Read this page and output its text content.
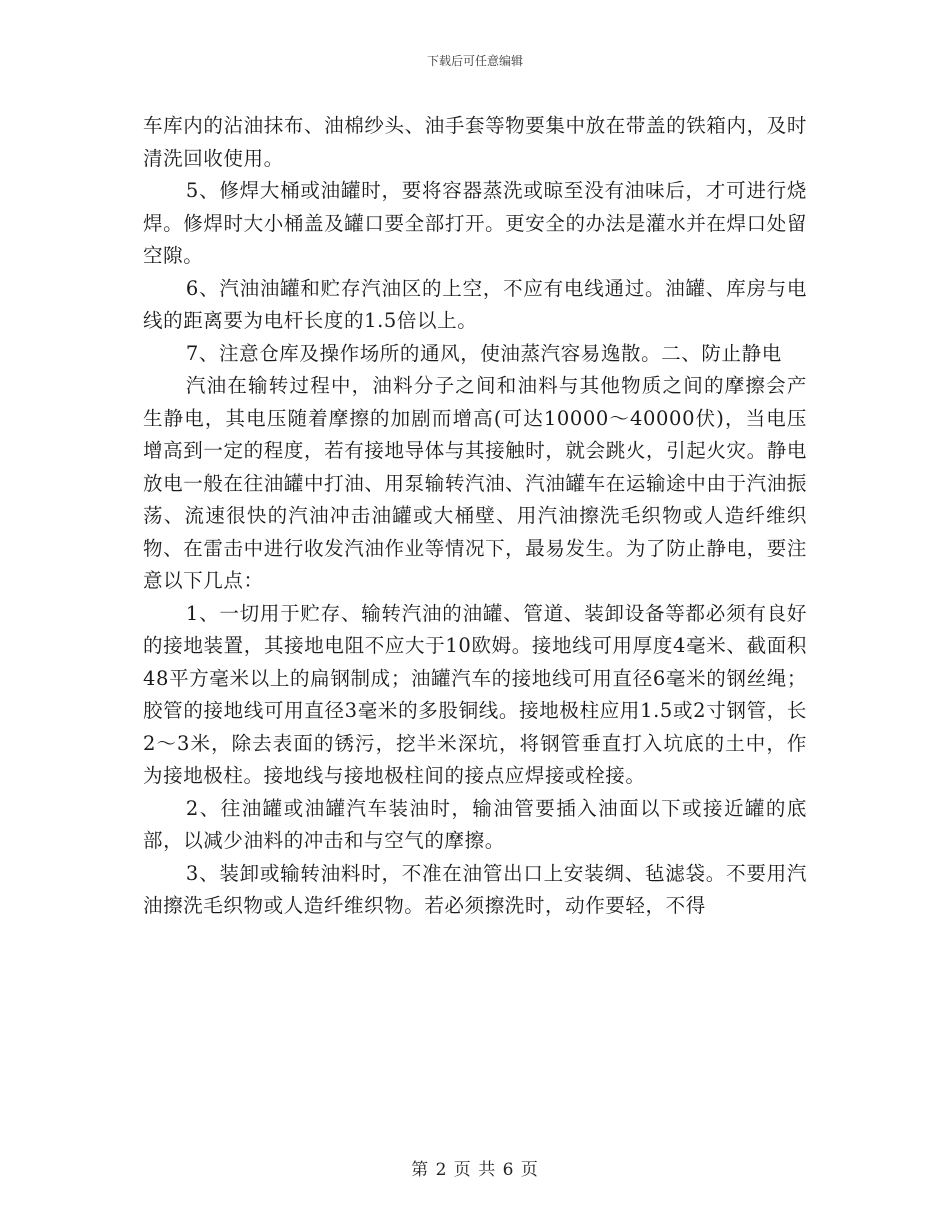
下载后可任意编辑

车库内的沾油抹布、油棉纱头、油手套等物要集中放在带盖的铁箱内，及时清洗回收使用。

5、修焊大桶或油罐时，要将容器蒸洗或晾至没有油味后，才可进行烧焊。修焊时大小桶盖及罐口要全部打开。更安全的办法是灌水并在焊口处留空隙。

6、汽油油罐和贮存汽油区的上空，不应有电线通过。油罐、库房与电线的距离要为电杆长度的1.5倍以上。

7、注意仓库及操作场所的通风，使油蒸汽容易逸散。二、防止静电

汽油在输转过程中，油料分子之间和油料与其他物质之间的摩擦会产生静电，其电压随着摩擦的加剧而增高(可达10000～40000伏)，当电压增高到一定的程度，若有接地导体与其接触时，就会跳火，引起火灾。静电放电一般在往油罐中打油、用泵输转汽油、汽油罐车在运输途中由于汽油振荡、流速很快的汽油冲击油罐或大桶壁、用汽油擦洗毛织物或人造纤维织物、在雷击中进行收发汽油作业等情况下，最易发生。为了防止静电，要注意以下几点：

1、一切用于贮存、输转汽油的油罐、管道、装卸设备等都必须有良好的接地装置，其接地电阻不应大于10欧姆。接地线可用厚度4毫米、截面积48平方毫米以上的扁钢制成；油罐汽车的接地线可用直径6毫米的钢丝绳；胶管的接地线可用直径3毫米的多股铜线。接地极柱应用1.5或2寸钢管，长2～3米，除去表面的锈污，挖半米深坑，将钢管垂直打入坑底的土中，作为接地极柱。接地线与接地极柱间的接点应焊接或栓接。

2、往油罐或油罐汽车装油时，输油管要插入油面以下或接近罐的底部，以减少油料的冲击和与空气的摩擦。

3、装卸或输转油料时，不准在油管出口上安装绸、毡滤袋。不要用汽油擦洗毛织物或人造纤维织物。若必须擦洗时，动作要轻，不得

第 2 页 共 6 页
